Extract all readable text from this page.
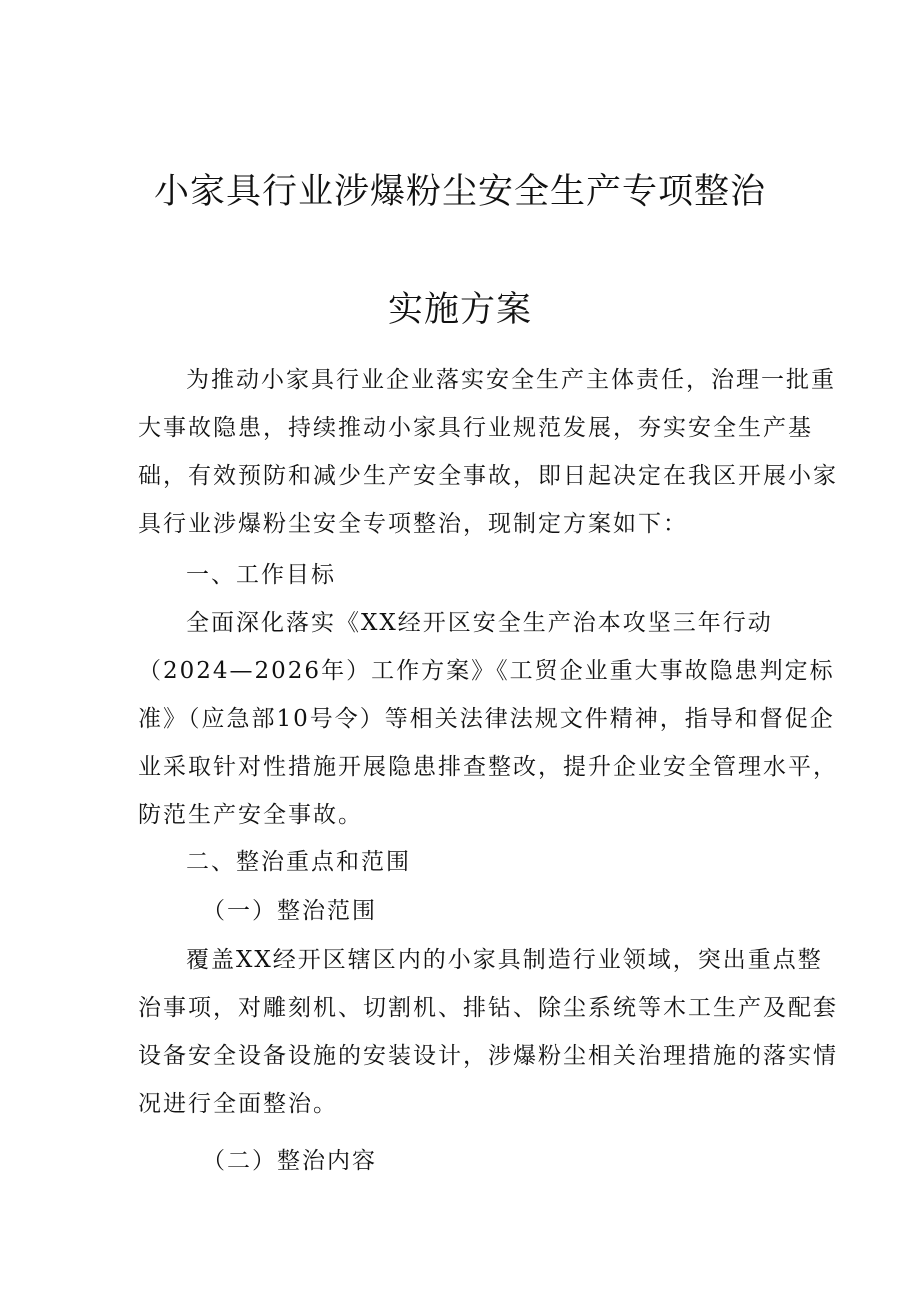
小家具行业涉爆粉尘安全生产专项整治
实施方案
为推动小家具行业企业落实安全生产主体责任，治理一批重
大事故隐患，持续推动小家具行业规范发展，夯实安全生产基
础，有效预防和减少生产安全事故，即日起决定在我区开展小家
具行业涉爆粉尘安全专项整治，现制定方案如下：
一、工作目标
全面深化落实《XX经开区安全生产治本攻坚三年行动
（2024—2026年）工作方案》《工贸企业重大事故隐患判定标
准》（应急部10号令）等相关法律法规文件精神，指导和督促企
业采取针对性措施开展隐患排查整改，提升企业安全管理水平，
防范生产安全事故。
二、整治重点和范围
（一）整治范围
覆盖XX经开区辖区内的小家具制造行业领域，突出重点整
治事项，对雕刻机、切割机、排钻、除尘系统等木工生产及配套
设备安全设备设施的安装设计，涉爆粉尘相关治理措施的落实情
况进行全面整治。
（二）整治内容
